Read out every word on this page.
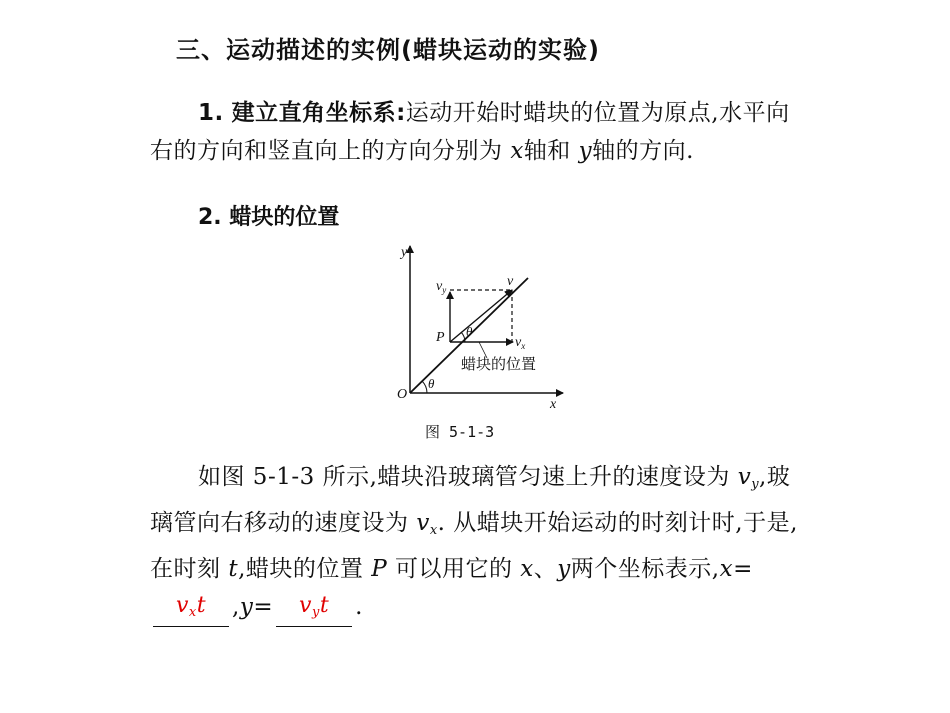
三、运动描述的实例(蜡块运动的实验)

1. 建立直角坐标系:运动开始时蜡块的位置为原点,水平向右的方向和竖直向上的方向分别为 x轴和 y轴的方向.

2. 蜡块的位置
y
x
O
P θ
θ
v
$v_y$
$v_x$
蜡块的位置
图 5-1-3

如图 5-1-3 所示,蜡块沿玻璃管匀速上升的速度设为 $v_y$,玻璃管向右移动的速度设为 $v_x$. 从蜡块开始运动的时刻计时,于是,在时刻 t,蜡块的位置 P 可以用它的 x、y两个坐标表示$,x=v_xt$ $,y= v_yt$ .
